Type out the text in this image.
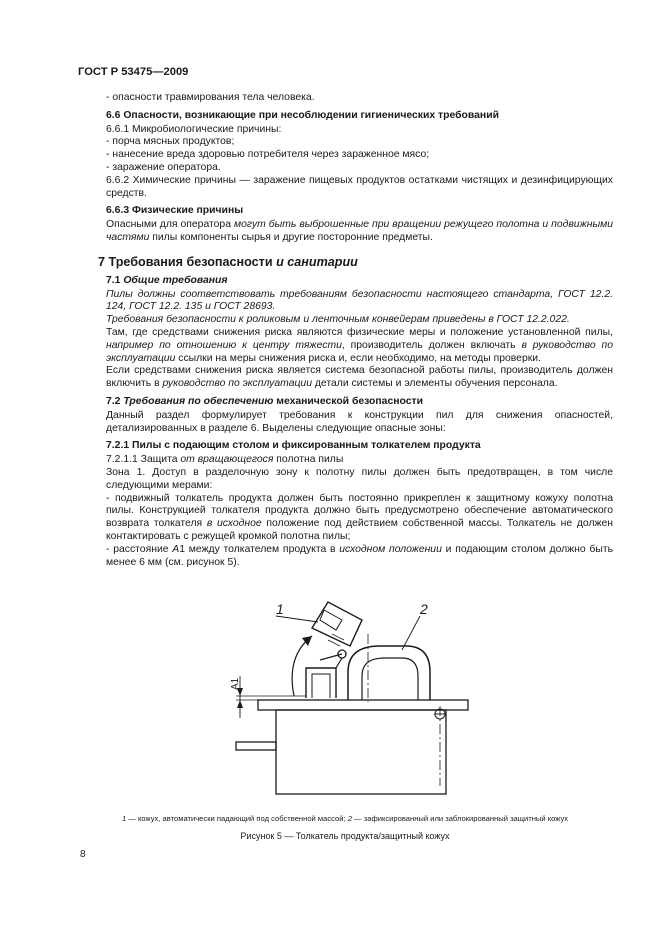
ГОСТ Р 53475—2009

- опасности травмирования тела человека.

6.6 Опасности, возникающие при несоблюдении гигиенических требований

6.6.1 Микробиологические причины:

- порча мясных продуктов;

- нанесение вреда здоровью потребителя через зараженное мясо;

- заражение оператора.

6.6.2 Химические причины — заражение пищевых продуктов остатками чистящих и дезинфицирующих средств.

6.6.3 Физические причины

Опасными для оператора могут быть выброшенные при вращении режущего полотна и подвижными частями пилы компоненты сырья и другие посторонние предметы.

7 Требования безопасности и санитарии

7.1 Общие требования

Пилы должны соответствовать требованиям безопасности настоящего стандарта, ГОСТ 12.2. 124, ГОСТ 12.2. 135 и ГОСТ 28693.

Требования безопасности к роликовым и ленточным конвейерам приведены в ГОСТ 12.2.022.

Там, где средствами снижения риска являются физические меры и положение установленной пилы, например по отношению к центру тяжести, производитель должен включать в руководство по эксплуатации ссылки на меры снижения риска и, если необходимо, на методы проверки.

Если средствами снижения риска является система безопасной работы пилы, производитель должен включить в руководство по эксплуатации детали системы и элементы обучения персонала.

7.2 Требования по обеспечению механической безопасности

Данный раздел формулирует требования к конструкции пил для снижения опасностей, детализированных в разделе 6. Выделены следующие опасные зоны:

7.2.1 Пилы с подающим столом и фиксированным толкателем продукта

7.2.1.1 Защита от вращающегося полотна пилы

Зона 1. Доступ в разделочную зону к полотну пилы должен быть предотвращен, в том числе следующими мерами:

- подвижный толкатель продукта должен быть постоянно прикреплен к защитному кожуху полотна пилы. Конструкцией толкателя продукта должно быть предусмотрено обеспечение автоматического возврата толкателя в исходное положение под действием собственной массы. Толкатель не должен контактировать с режущей кромкой полотна пилы;

- расстояние А1 между толкателем продукта в исходном положении и подающим столом должно быть менее 6 мм (см. рисунок 5).

1	2
А1
1 — кожух, автоматически падающий под собственной массой; 2 — зафиксированный или заблокированный защитный кожух
Рисунок 5 — Толкатель продукта/защитный кожух
8
